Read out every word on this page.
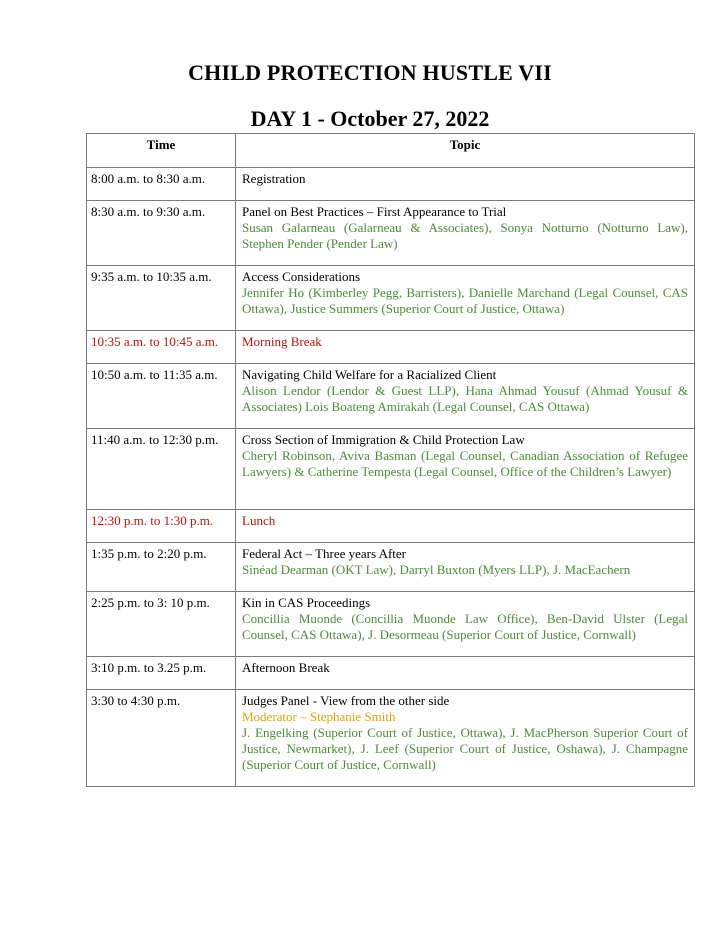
CHILD PROTECTION HUSTLE VII
DAY 1 - October 27, 2022
Time	Topic
8:00 a.m. to 8:30 a.m.	Registration

8:30 a.m. to 9:30 a.m.	Panel on Best Practices – First Appearance to Trial
Susan Galarneau (Galarneau & Associates), Sonya Notturno (Notturno Law), Stephen Pender (Pender Law)

9:35 a.m. to 10:35 a.m.	Access Considerations
Jennifer Ho (Kimberley Pegg, Barristers), Danielle Marchand (Legal Counsel, CAS Ottawa), Justice Summers (Superior Court of Justice, Ottawa)

10:35 a.m. to 10:45 a.m.	Morning Break

10:50 a.m. to 11:35 a.m.	Navigating Child Welfare for a Racialized Client
Alison Lendor (Lendor & Guest LLP), Hana Ahmad Yousuf (Ahmad Yousuf & Associates) Lois Boateng Amirakah (Legal Counsel, CAS Ottawa)

11:40 a.m. to 12:30 p.m.	Cross Section of Immigration & Child Protection Law
Cheryl Robinson, Aviva Basman (Legal Counsel, Canadian Association of Refugee Lawyers) & Catherine Tempesta (Legal Counsel, Office of the Children’s Lawyer)

12:30 p.m. to 1:30 p.m.	Lunch

1:35 p.m. to 2:20 p.m.	Federal Act – Three years After
Sinéad Dearman (OKT Law), Darryl Buxton (Myers LLP), J. MacEachern

2:25 p.m. to 3: 10 p.m.	Kin in CAS Proceedings
Concillia Muonde (Concillia Muonde Law Office), Ben-David Ulster (Legal Counsel, CAS Ottawa), J. Desormeau (Superior Court of Justice, Cornwall)

3:10 p.m. to 3.25 p.m.	Afternoon Break

3:30 to 4:30 p.m.	Judges Panel - View from the other side
Moderator – Stephanie Smith
J. Engelking (Superior Court of Justice, Ottawa), J. MacPherson Superior Court of Justice, Newmarket), J. Leef (Superior Court of Justice, Oshawa), J. Champagne (Superior Court of Justice, Cornwall)
